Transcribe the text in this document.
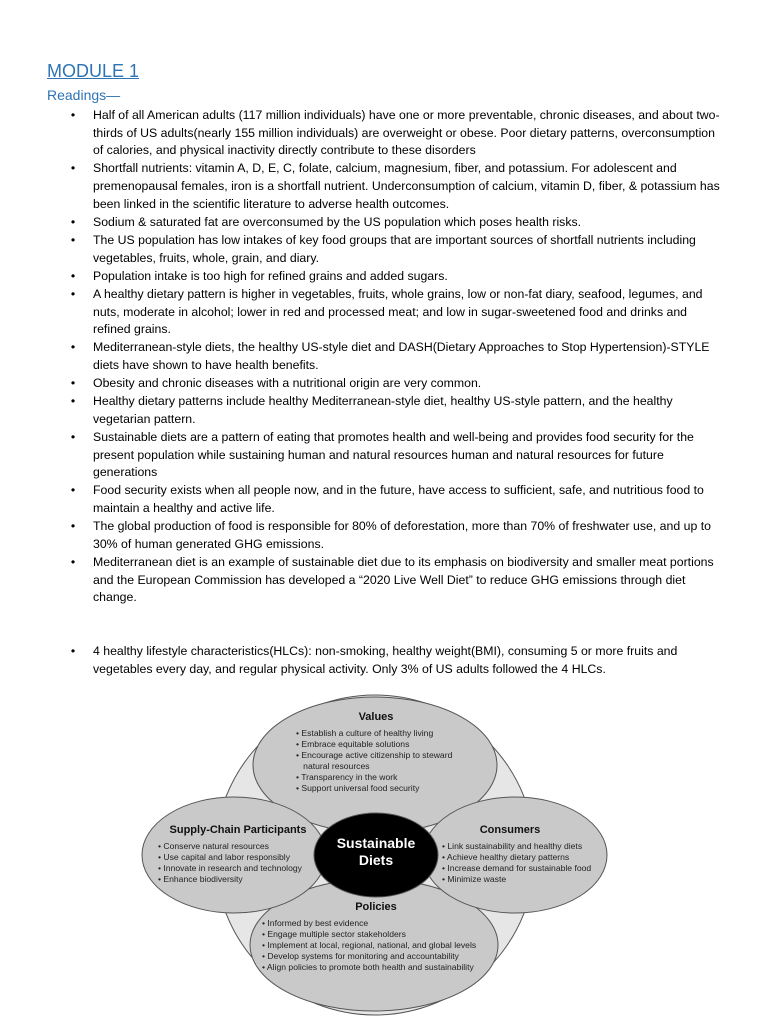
MODULE 1
Readings—
• Half of all American adults (117 million individuals) have one or more preventable, chronic diseases, and about two-thirds of US adults(nearly 155 million individuals) are overweight or obese. Poor dietary patterns, overconsumption of calories, and physical inactivity directly contribute to these disorders
• Shortfall nutrients: vitamin A, D, E, C, folate, calcium, magnesium, fiber, and potassium. For adolescent and premenopausal females, iron is a shortfall nutrient. Underconsumption of calcium, vitamin D, fiber, & potassium has been linked in the scientific literature to adverse health outcomes.
• Sodium & saturated fat are overconsumed by the US population which poses health risks.
• The US population has low intakes of key food groups that are important sources of shortfall nutrients including vegetables, fruits, whole, grain, and diary.
• Population intake is too high for refined grains and added sugars.
• A healthy dietary pattern is higher in vegetables, fruits, whole grains, low or non-fat diary, seafood, legumes, and nuts, moderate in alcohol; lower in red and processed meat; and low in sugar-sweetened food and drinks and refined grains.
• Mediterranean-style diets, the healthy US-style diet and DASH(Dietary Approaches to Stop Hypertension)-STYLE diets have shown to have health benefits.
• Obesity and chronic diseases with a nutritional origin are very common.
• Healthy dietary patterns include healthy Mediterranean-style diet, healthy US-style pattern, and the healthy vegetarian pattern.
• Sustainable diets are a pattern of eating that promotes health and well-being and provides food security for the present population while sustaining human and natural resources human and natural resources for future generations
• Food security exists when all people now, and in the future, have access to sufficient, safe, and nutritious food to maintain a healthy and active life.
• The global production of food is responsible for 80% of deforestation, more than 70% of freshwater use, and up to 30% of human generated GHG emissions.
• Mediterranean diet is an example of sustainable diet due to its emphasis on biodiversity and smaller meat portions and the European Commission has developed a “2020 Live Well Diet” to reduce GHG emissions through diet change.
• 4 healthy lifestyle characteristics(HLCs): non-smoking, healthy weight(BMI), consuming 5 or more fruits and vegetables every day, and regular physical activity. Only 3% of US adults followed the 4 HLCs.
Sustainable
Diets
Values
• Establish a culture of healthy living
• Embrace equitable solutions
• Encourage active citizenship to steward
natural resources
• Transparency in the work
• Support universal food security
Supply-Chain Participants
• Conserve natural resources
• Use capital and labor responsibly
• Innovate in research and technology
• Enhance biodiversity
Consumers
• Link sustainability and healthy diets
• Achieve healthy dietary patterns
• Increase demand for sustainable food
• Minimize waste
Policies
• Informed by best evidence
• Engage multiple sector stakeholders
• Implement at local, regional, national, and global levels
• Develop systems for monitoring and accountability
• Align policies to promote both health and sustainability
